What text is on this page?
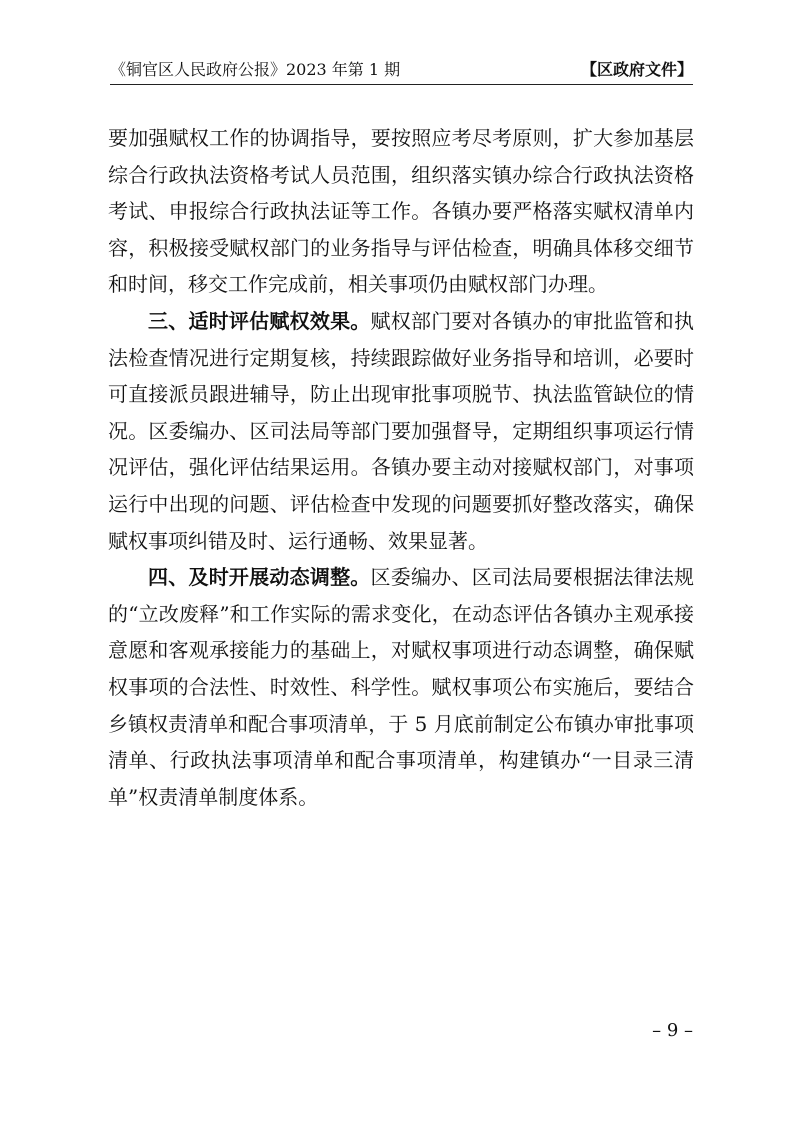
《铜官区人民政府公报》2023 年第 1 期	【区政府文件】

要加强赋权工作的协调指导，要按照应考尽考原则，扩大参加基层综合行政执法资格考试人员范围，组织落实镇办综合行政执法资格考试、申报综合行政执法证等工作。各镇办要严格落实赋权清单内容，积极接受赋权部门的业务指导与评估检查，明确具体移交细节和时间，移交工作完成前，相关事项仍由赋权部门办理。

三、适时评估赋权效果。赋权部门要对各镇办的审批监管和执法检查情况进行定期复核，持续跟踪做好业务指导和培训，必要时可直接派员跟进辅导，防止出现审批事项脱节、执法监管缺位的情况。区委编办、区司法局等部门要加强督导，定期组织事项运行情况评估，强化评估结果运用。各镇办要主动对接赋权部门，对事项运行中出现的问题、评估检查中发现的问题要抓好整改落实，确保赋权事项纠错及时、运行通畅、效果显著。

四、及时开展动态调整。区委编办、区司法局要根据法律法规的“立改废释”和工作实际的需求变化，在动态评估各镇办主观承接意愿和客观承接能力的基础上，对赋权事项进行动态调整，确保赋权事项的合法性、时效性、科学性。赋权事项公布实施后，要结合乡镇权责清单和配合事项清单，于 5 月底前制定公布镇办审批事项清单、行政执法事项清单和配合事项清单，构建镇办“一目录三清单”权责清单制度体系。

– 9 –
